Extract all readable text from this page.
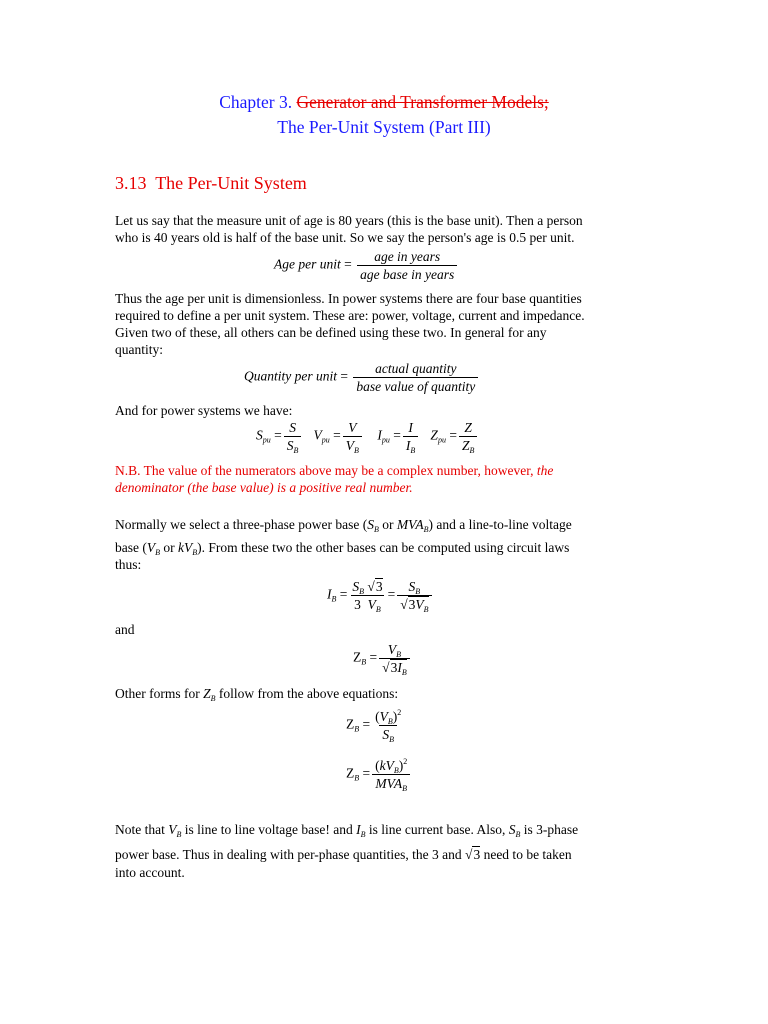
Chapter 3. Generator and Transformer Models;
The Per-Unit System (Part III)
3.13 The Per-Unit System
Let us say that the measure unit of age is 80 years (this is the base unit). Then a person
who is 40 years old is half of the base unit. So we say the person's age is 0.5 per unit.
Age per unit = $\frac{\text{age in years}}{\text{age base in years}}$
Thus the age per unit is dimensionless. In power systems there are four base quantities
required to define a per unit system. These are: power, voltage, current and impedance.
Given two of these, all others can be defined using these two. In general for any
quantity:
Quantity per unit = $\frac{\text{actual quantity}}{\text{base value of quantity}}$
And for power systems we have:
$S_{pu} = \frac{S}{S_B} V_{pu} = \frac{V}{V_B} I_{pu} = \frac{I}{I_B} Z_{pu} = \frac{Z}{Z_B}$
N.B. The value of the numerators above may be a complex number, however, the
denominator (the base value) is a positive real number.
Normally we select a three-phase power base ($S_B$ or $MVA_B$) and a line-to-line voltage
base ($V_B$ or $kV_B$). From these two the other bases can be computed using circuit laws
thus:
$I_B = \frac{S_B √3}{3 V_B} = \frac{S_B}{√3V_B}$
and
$Z_B = \frac{V_B}{√3I_B}$
Other forms for $Z_B$ follow from the above equations:
$Z_B = \frac{(V_B)^2}{S_B}$
$Z_B = \frac{(kV_B)^2}{MVA_B}$
Note that $V_B$ is line to line voltage base! and $I_B$ is line current base. Also, $S_B$ is 3-phase
power base. Thus in dealing with per-phase quantities, the 3 and √3 need to be taken
into account.
